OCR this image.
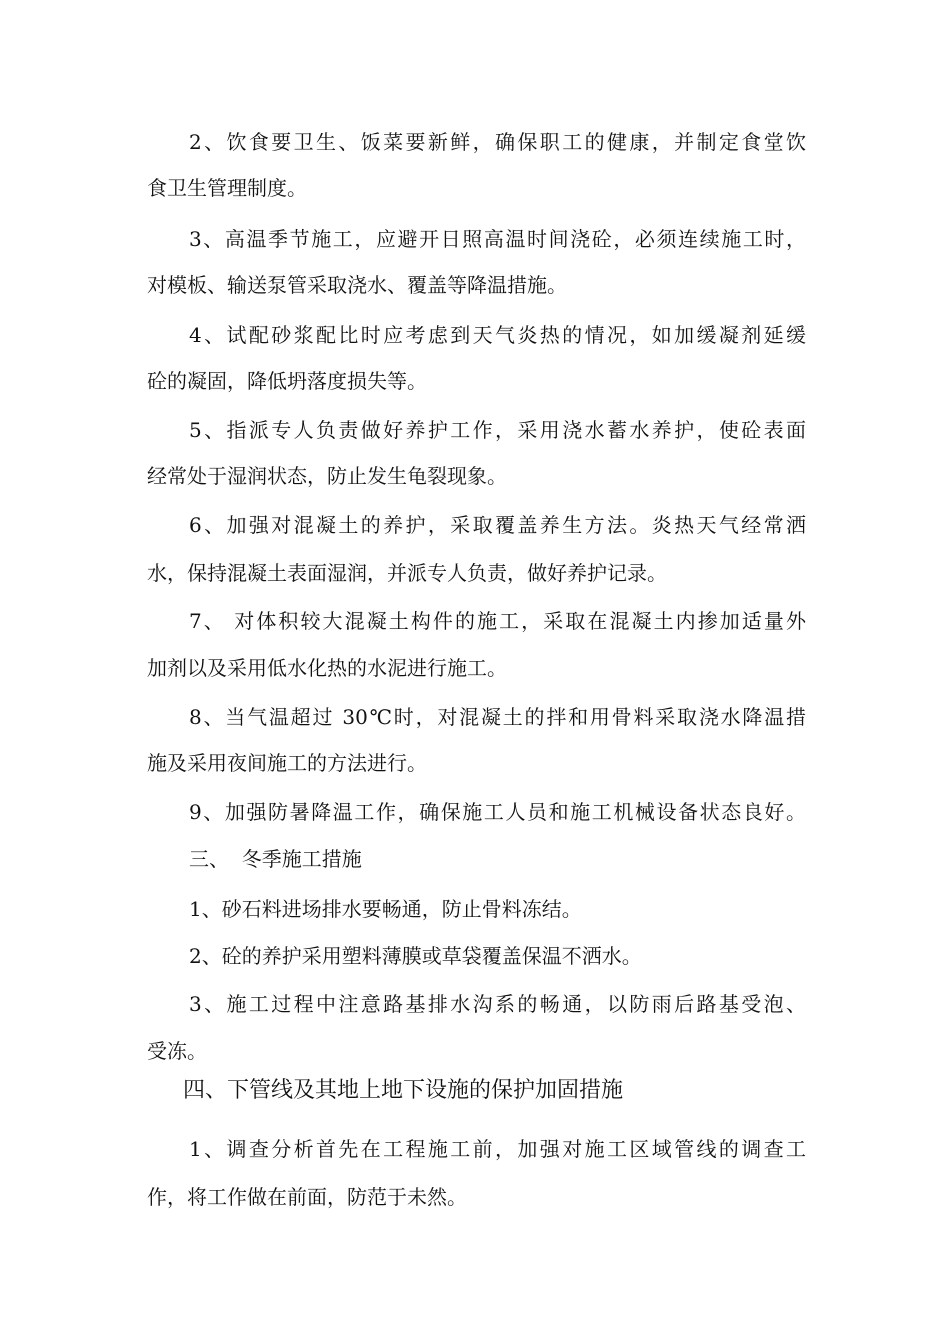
2、饮食要卫生、饭菜要新鲜，确保职工的健康，并制定食堂饮
食卫生管理制度。
3、高温季节施工，应避开日照高温时间浇砼，必须连续施工时，
对模板、输送泵管采取浇水、覆盖等降温措施。
4、试配砂浆配比时应考虑到天气炎热的情况，如加缓凝剂延缓
砼的凝固，降低坍落度损失等。
5、指派专人负责做好养护工作，采用浇水蓄水养护，使砼表面
经常处于湿润状态，防止发生龟裂现象。
6、加强对混凝土的养护，采取覆盖养生方法。炎热天气经常洒
水，保持混凝土表面湿润，并派专人负责，做好养护记录。
7、 对体积较大混凝土构件的施工，采取在混凝土内掺加适量外
加剂以及采用低水化热的水泥进行施工。
8、当气温超过 30℃时，对混凝土的拌和用骨料采取浇水降温措
施及采用夜间施工的方法进行。
9、加强防暑降温工作，确保施工人员和施工机械设备状态良好。
三、  冬季施工措施
1、砂石料进场排水要畅通，防止骨料冻结。
2、砼的养护采用塑料薄膜或草袋覆盖保温不洒水。
3、施工过程中注意路基排水沟系的畅通，以防雨后路基受泡、
受冻。
四、下管线及其地上地下设施的保护加固措施
1、调查分析首先在工程施工前，加强对施工区域管线的调查工
作，将工作做在前面，防范于未然。
